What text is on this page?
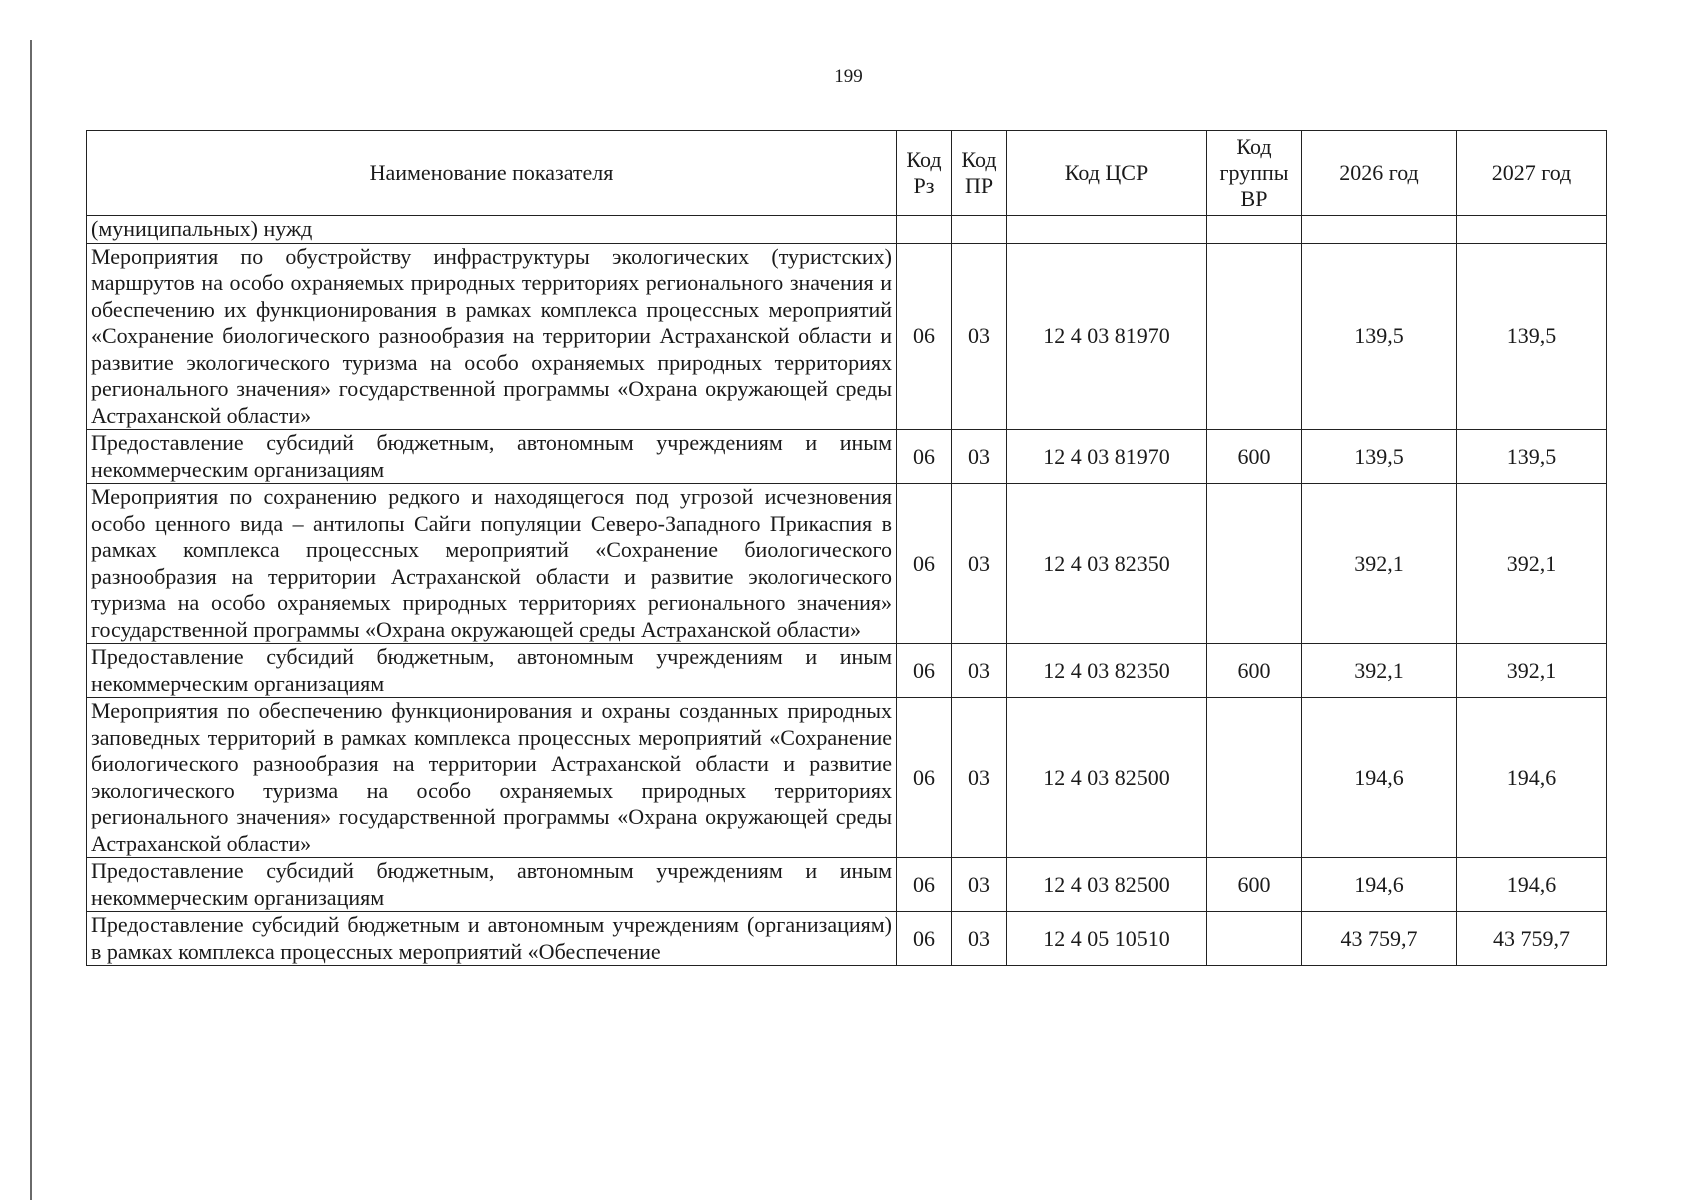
199
Наименование показателя	Код Рз	Код ПР	Код ЦСР	Код группы ВР	2026 год	2027 год
(муниципальных) нужд						
Мероприятия по обустройству инфраструктуры экологических (туристских) маршрутов на особо охраняемых природных территориях регионального значения и обеспечению их функционирования в рамках комплекса процессных мероприятий «Сохранение биологического разнообразия на территории Астраханской области и развитие экологического туризма на особо охраняемых природных территориях регионального значения» государственной программы «Охрана окружающей среды Астраханской области»	06	03	12 4 03 81970		139,5	139,5
Предоставление субсидий бюджетным, автономным учреждениям и иным некоммерческим организациям	06	03	12 4 03 81970	600	139,5	139,5
Мероприятия по сохранению редкого и находящегося под угрозой исчезновения особо ценного вида – антилопы Сайги популяции Северо-Западного Прикаспия в рамках комплекса процессных мероприятий «Сохранение биологического разнообразия на территории Астраханской области и развитие экологического туризма на особо охраняемых природных территориях регионального значения» государственной программы «Охрана окружающей среды Астраханской области»	06	03	12 4 03 82350		392,1	392,1
Предоставление субсидий бюджетным, автономным учреждениям и иным некоммерческим организациям	06	03	12 4 03 82350	600	392,1	392,1
Мероприятия по обеспечению функционирования и охраны созданных природных заповедных территорий в рамках комплекса процессных мероприятий «Сохранение биологического разнообразия на территории Астраханской области и развитие экологического туризма на особо охраняемых природных территориях регионального значения» государственной программы «Охрана окружающей среды Астраханской области»	06	03	12 4 03 82500		194,6	194,6
Предоставление субсидий бюджетным, автономным учреждениям и иным некоммерческим организациям	06	03	12 4 03 82500	600	194,6	194,6
Предоставление субсидий бюджетным и автономным учреждениям (организациям) в рамках комплекса процессных мероприятий «Обеспечение	06	03	12 4 05 10510		43 759,7	43 759,7
